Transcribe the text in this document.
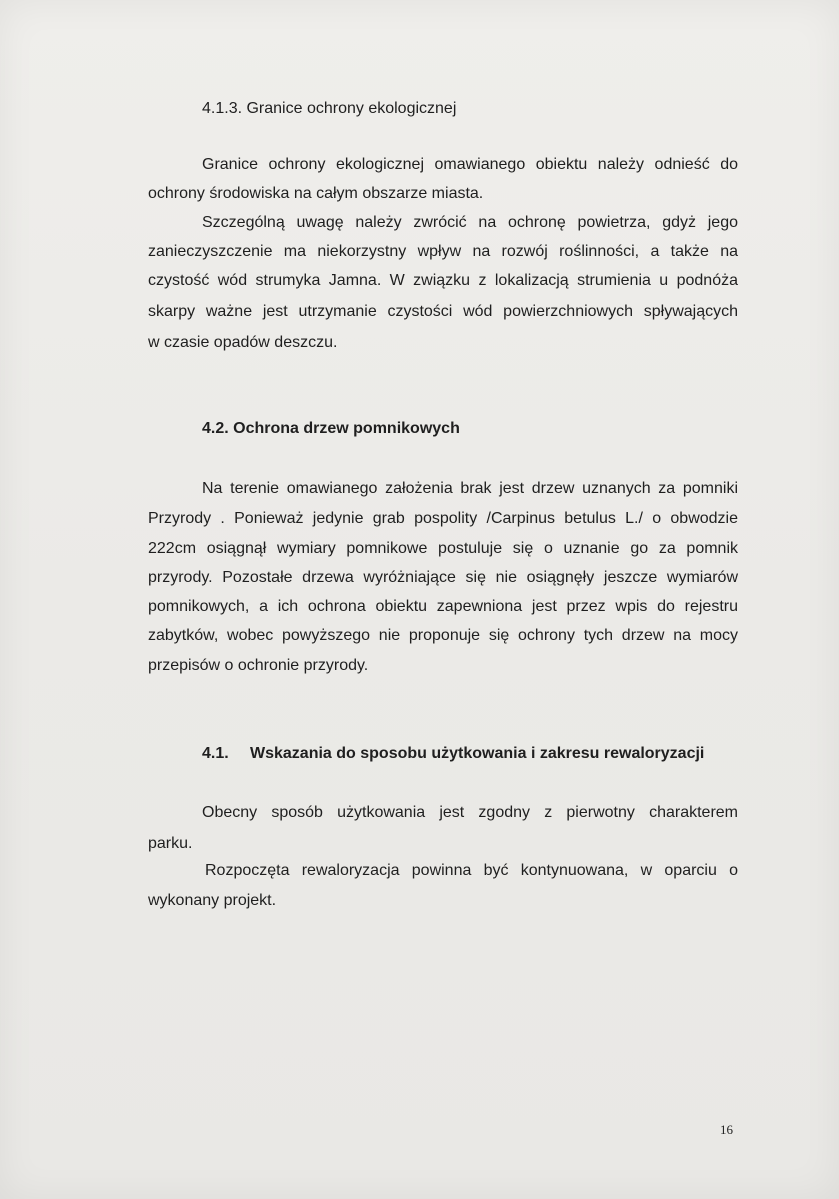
4.1.3. Granice ochrony ekologicznej
Granice ochrony ekologicznej omawianego obiektu należy odnieść do
ochrony środowiska na całym obszarze miasta.
Szczególną uwagę należy zwrócić na ochronę powietrza, gdyż jego
zanieczyszczenie ma niekorzystny wpływ na rozwój roślinności, a także na
czystość wód strumyka Jamna. W związku z lokalizacją strumienia u podnóża
skarpy ważne jest utrzymanie czystości wód powierzchniowych spływających
w czasie opadów deszczu.
4.2. Ochrona drzew pomnikowych
Na terenie omawianego założenia brak jest drzew uznanych za pomniki
Przyrody . Ponieważ jedynie grab pospolity /Carpinus betulus L./ o obwodzie
222cm osiągnął wymiary pomnikowe postuluje się o uznanie go za pomnik
przyrody. Pozostałe drzewa wyróżniające się nie osiągnęły jeszcze wymiarów
pomnikowych, a ich ochrona obiektu zapewniona jest przez wpis do rejestru
zabytków, wobec powyższego nie proponuje się ochrony tych drzew na mocy
przepisów o ochronie przyrody.
4.1. Wskazania do sposobu użytkowania i zakresu rewaloryzacji
Obecny sposób użytkowania jest zgodny z pierwotny charakterem
parku.
Rozpoczęta rewaloryzacja powinna być kontynuowana, w oparciu o
wykonany projekt.
16
